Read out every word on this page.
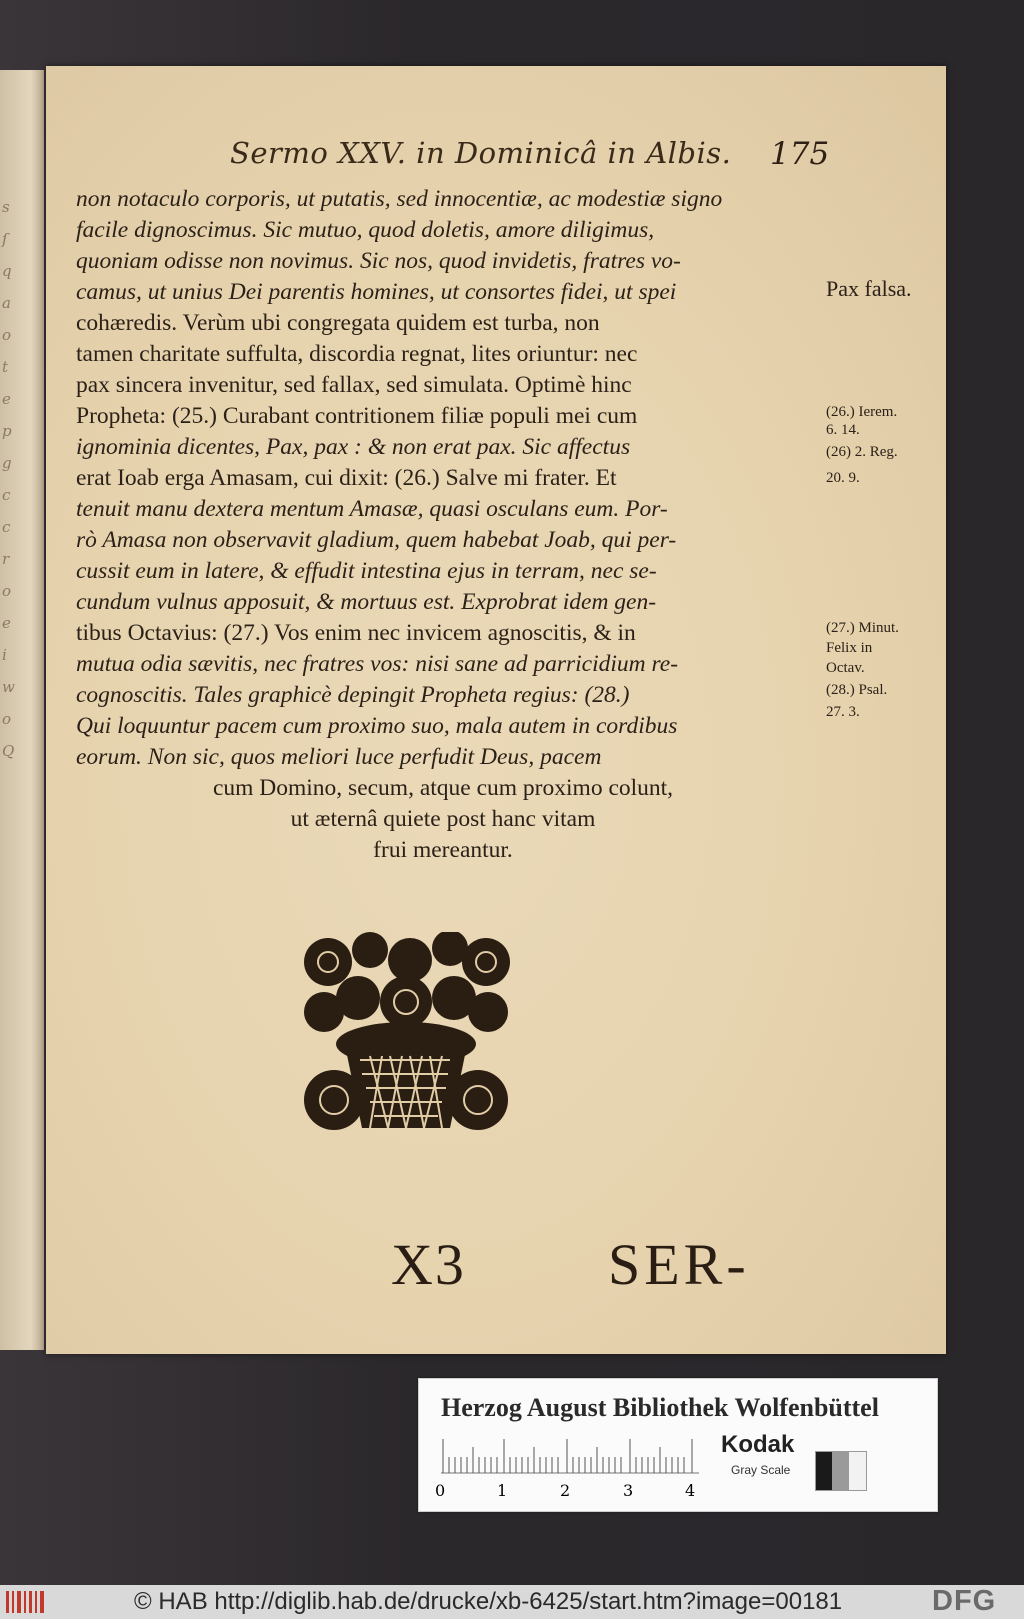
s
ſ
q
a
o
t
e
p
g
c
c
r
o
e
i
w
o
Q
Sermo XXV. in Dominicâ in Albis. 175
non notaculo corporis, ut putatis, sed innocentiæ, ac modestiæ signo
facile dignoscimus. Sic mutuo, quod doletis, amore diligimus,
quoniam odisse non novimus. Sic nos, quod invidetis, fratres vo-
camus, ut unius Dei parentis homines, ut consortes fidei, ut spei
cohæredis. Verùm ubi congregata quidem est turba, non
tamen charitate suffulta, discordia regnat, lites oriuntur: nec
pax sincera invenitur, sed fallax, sed simulata. Optimè hinc
Propheta: (25.) Curabant contritionem filiæ populi mei cum
ignominia dicentes, Pax, pax : & non erat pax. Sic affectus
erat Ioab erga Amasam, cui dixit: (26.) Salve mi frater. Et
tenuit manu dextera mentum Amasæ, quasi osculans eum. Por-
rò Amasa non observavit gladium, quem habebat Joab, qui per-
cussit eum in latere, & effudit intestina ejus in terram, nec se-
cundum vulnus apposuit, & mortuus est. Exprobrat idem gen-
tibus Octavius: (27.) Vos enim nec invicem agnoscitis, & in
mutua odia sævitis, nec fratres vos: nisi sane ad parricidium re-
cognoscitis. Tales graphicè depingit Propheta regius: (28.)
Qui loquuntur pacem cum proximo suo, mala autem in cordibus
eorum. Non sic, quos meliori luce perfudit Deus, pacem
cum Domino, secum, atque cum proximo colunt,
ut æternâ quiete post hanc vitam
frui mereantur.
Pax falsa.
(26.) Ierem.
6. 14.
(26) 2. Reg.
20. 9.
(27.) Minut.
Felix in
Octav.
(28.) Psal.
27. 3.
X3 SER-
Herzog August Bibliothek Wolfenbüttel
0	1	2	3	4
Kodak
Gray Scale
© HAB http://diglib.hab.de/drucke/xb-6425/start.htm?image=00181	DFG
